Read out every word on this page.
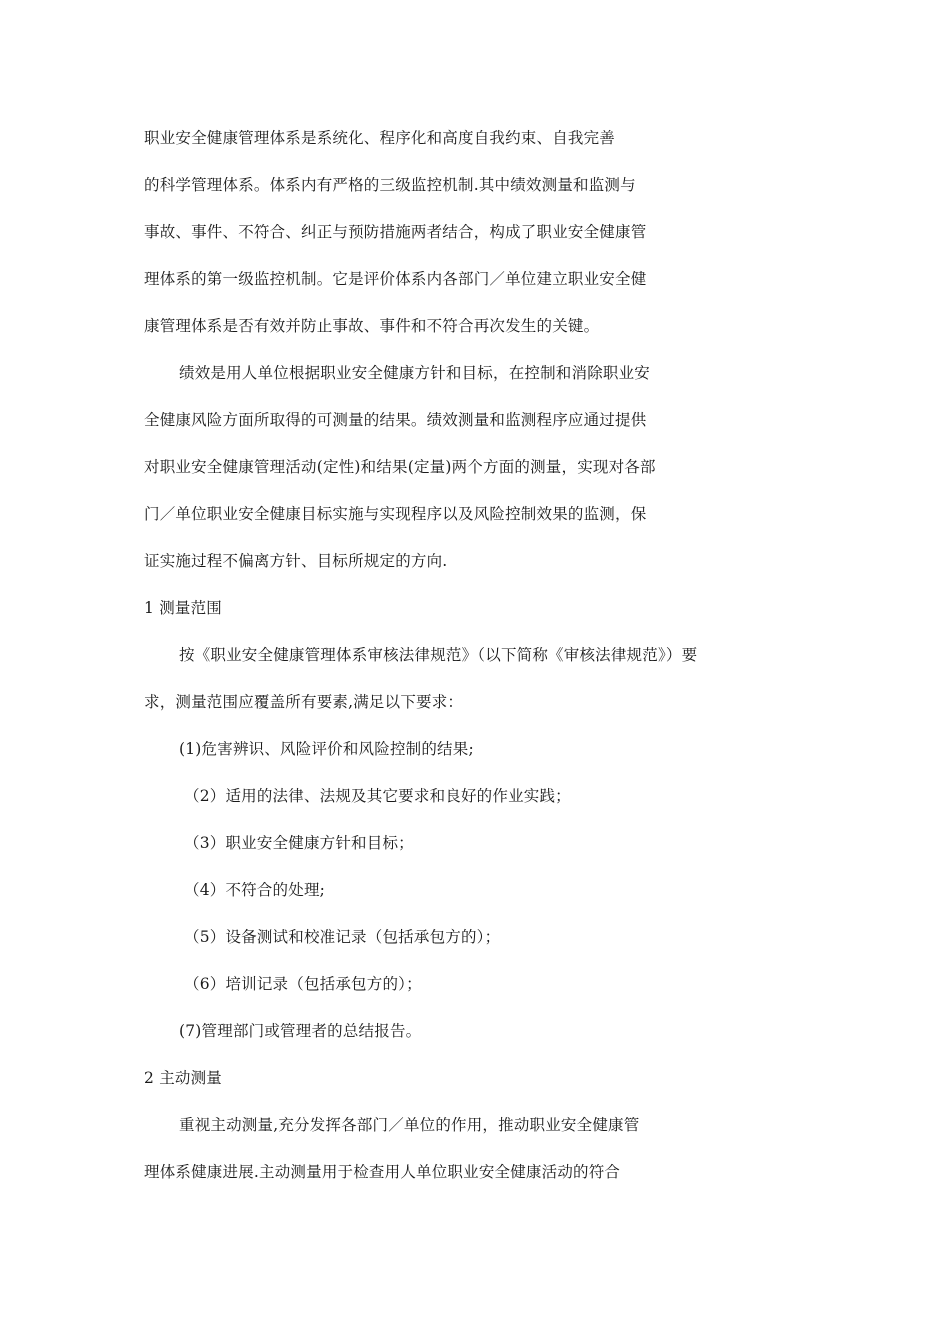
职业安全健康管理体系是系统化、程序化和高度自我约束、自我完善
的科学管理体系。体系内有严格的三级监控机制.其中绩效测量和监测与
事故、事件、不符合、纠正与预防措施两者结合，构成了职业安全健康管
理体系的第一级监控机制。它是评价体系内各部门／单位建立职业安全健
康管理体系是否有效并防止事故、事件和不符合再次发生的关键。
绩效是用人单位根据职业安全健康方针和目标，在控制和消除职业安
全健康风险方面所取得的可测量的结果。绩效测量和监测程序应通过提供
对职业安全健康管理活动(定性)和结果(定量)两个方面的测量，实现对各部
门／单位职业安全健康目标实施与实现程序以及风险控制效果的监测，保
证实施过程不偏离方针、目标所规定的方向.
1 测量范围
按《职业安全健康管理体系审核法律规范》（以下简称《审核法律规范》）要
求，测量范围应覆盖所有要素,满足以下要求：
(1)危害辨识、风险评价和风险控制的结果;
（2）适用的法律、法规及其它要求和良好的作业实践；
（3）职业安全健康方针和目标；
（4）不符合的处理;
（5）设备测试和校准记录（包括承包方的）；
（6）培训记录（包括承包方的）；
(7)管理部门或管理者的总结报告。
2 主动测量
重视主动测量,充分发挥各部门／单位的作用，推动职业安全健康管
理体系健康进展.主动测量用于检查用人单位职业安全健康活动的符合
